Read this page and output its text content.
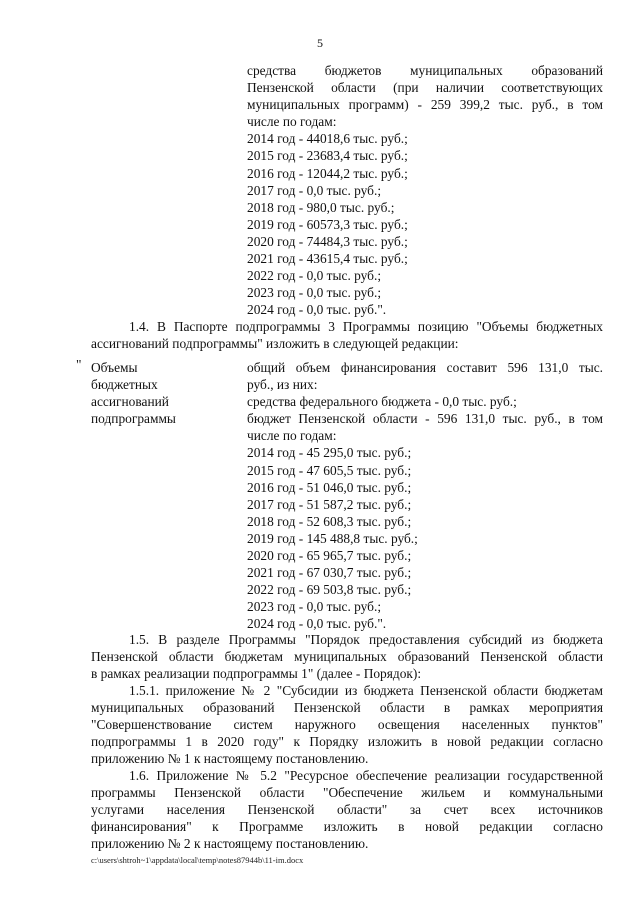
5
средства бюджетов муниципальных образований
Пензенской области (при наличии соответствующих
муниципальных программ) - 259 399,2 тыс. руб., в том
числе по годам:
2014 год - 44018,6 тыс. руб.;
2015 год - 23683,4 тыс. руб.;
2016 год - 12044,2 тыс. руб.;
2017 год - 0,0 тыс. руб.;
2018 год - 980,0 тыс. руб.;
2019 год - 60573,3 тыс. руб.;
2020 год - 74484,3 тыс. руб.;
2021 год - 43615,4 тыс. руб.;
2022 год - 0,0 тыс. руб.;
2023 год - 0,0 тыс. руб.;
2024 год - 0,0 тыс. руб.".
1.4. В Паспорте подпрограммы 3 Программы позицию "Объемы бюджетных
ассигнований подпрограммы" изложить в следующей редакции:
" Объемы
бюджетных
ассигнований
подпрограммы
общий объем финансирования составит 596 131,0 тыс.
руб., из них:
средства федерального бюджета - 0,0 тыс. руб.;
бюджет Пензенской области - 596 131,0 тыс. руб., в том
числе по годам:
2014 год - 45 295,0 тыс. руб.;
2015 год - 47 605,5 тыс. руб.;
2016 год - 51 046,0 тыс. руб.;
2017 год - 51 587,2 тыс. руб.;
2018 год - 52 608,3 тыс. руб.;
2019 год - 145 488,8 тыс. руб.;
2020 год - 65 965,7 тыс. руб.;
2021 год - 67 030,7 тыс. руб.;
2022 год - 69 503,8 тыс. руб.;
2023 год - 0,0 тыс. руб.;
2024 год - 0,0 тыс. руб.".
1.5. В разделе Программы "Порядок предоставления субсидий из бюджета
Пензенской области бюджетам муниципальных образований Пензенской области
в рамках реализации подпрограммы 1" (далее - Порядок):
1.5.1. приложение № 2 "Субсидии из бюджета Пензенской области бюджетам
муниципальных образований Пензенской области в рамках мероприятия
"Совершенствование систем наружного освещения населенных пунктов"
подпрограммы 1 в 2020 году" к Порядку изложить в новой редакции согласно
приложению № 1 к настоящему постановлению.
1.6. Приложение № 5.2 "Ресурсное обеспечение реализации государственной
программы Пензенской области "Обеспечение жильем и коммунальными
услугами населения Пензенской области" за счет всех источников
финансирования" к Программе изложить в новой редакции согласно
приложению № 2 к настоящему постановлению.
c:\users\shtroh~1\appdata\local\temp\notes87944b\11-im.docx
